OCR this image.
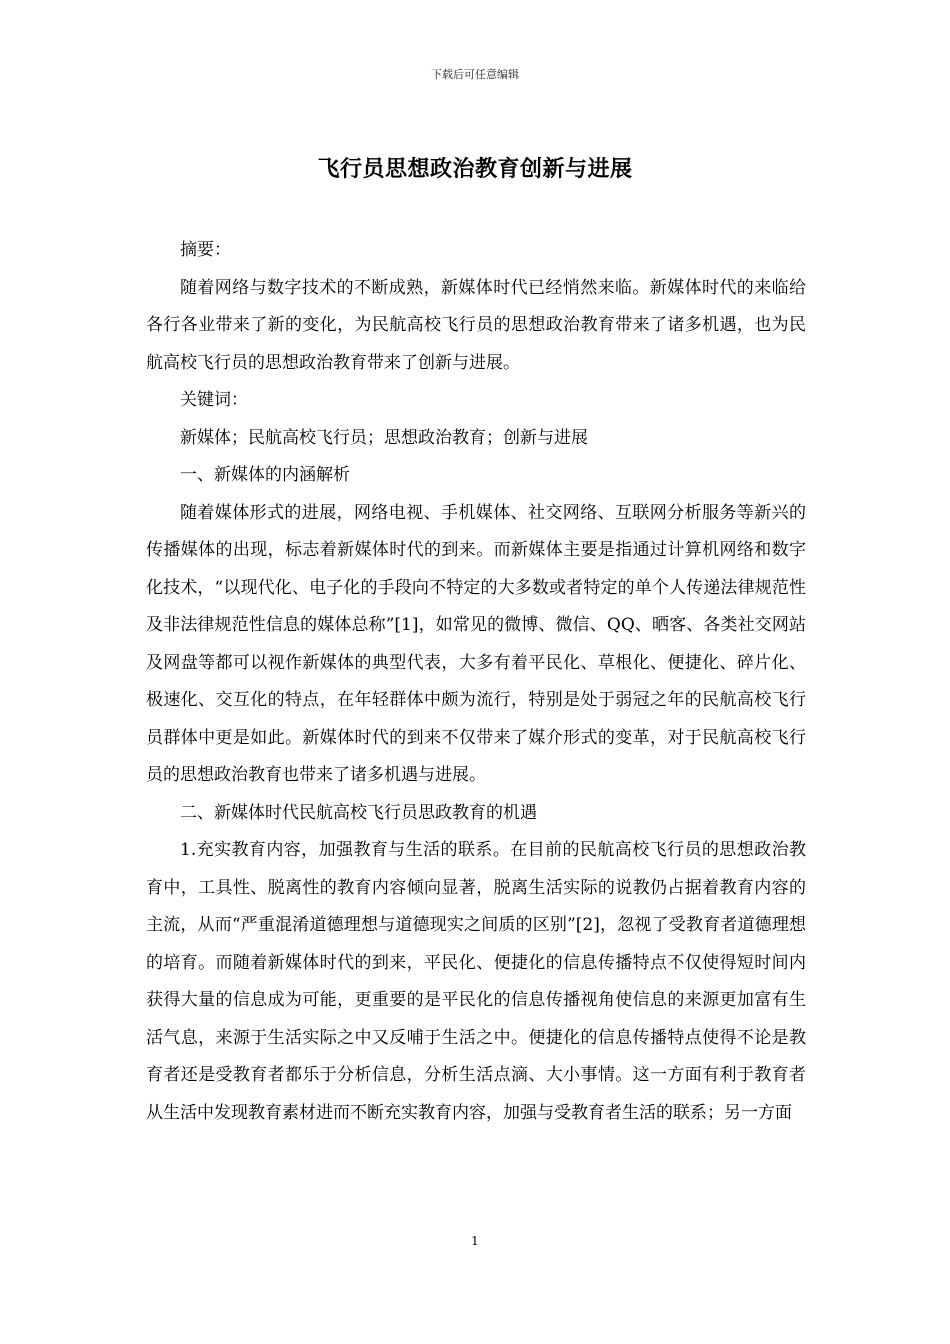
下载后可任意编辑
飞行员思想政治教育创新与进展

摘要：

随着网络与数字技术的不断成熟，新媒体时代已经悄然来临。新媒体时代的来临给各行各业带来了新的变化，为民航高校飞行员的思想政治教育带来了诸多机遇，也为民航高校飞行员的思想政治教育带来了创新与进展。

关键词：

新媒体；民航高校飞行员；思想政治教育；创新与进展

一、新媒体的内涵解析

随着媒体形式的进展，网络电视、手机媒体、社交网络、互联网分析服务等新兴的传播媒体的出现，标志着新媒体时代的到来。而新媒体主要是指通过计算机网络和数字化技术，“以现代化、电子化的手段向不特定的大多数或者特定的单个人传递法律规范性及非法律规范性信息的媒体总称”[1]，如常见的微博、微信、QQ、晒客、各类社交网站及网盘等都可以视作新媒体的典型代表，大多有着平民化、草根化、便捷化、碎片化、极速化、交互化的特点，在年轻群体中颇为流行，特别是处于弱冠之年的民航高校飞行员群体中更是如此。新媒体时代的到来不仅带来了媒介形式的变革，对于民航高校飞行员的思想政治教育也带来了诸多机遇与进展。

二、新媒体时代民航高校飞行员思政教育的机遇

1.充实教育内容，加强教育与生活的联系。在目前的民航高校飞行员的思想政治教育中，工具性、脱离性的教育内容倾向显著，脱离生活实际的说教仍占据着教育内容的主流，从而“严重混淆道德理想与道德现实之间质的区别”[2]，忽视了受教育者道德理想的培育。而随着新媒体时代的到来，平民化、便捷化的信息传播特点不仅使得短时间内获得大量的信息成为可能，更重要的是平民化的信息传播视角使信息的来源更加富有生活气息，来源于生活实际之中又反哺于生活之中。便捷化的信息传播特点使得不论是教育者还是受教育者都乐于分析信息，分析生活点滴、大小事情。这一方面有利于教育者从生活中发现教育素材进而不断充实教育内容，加强与受教育者生活的联系；另一方面

1
